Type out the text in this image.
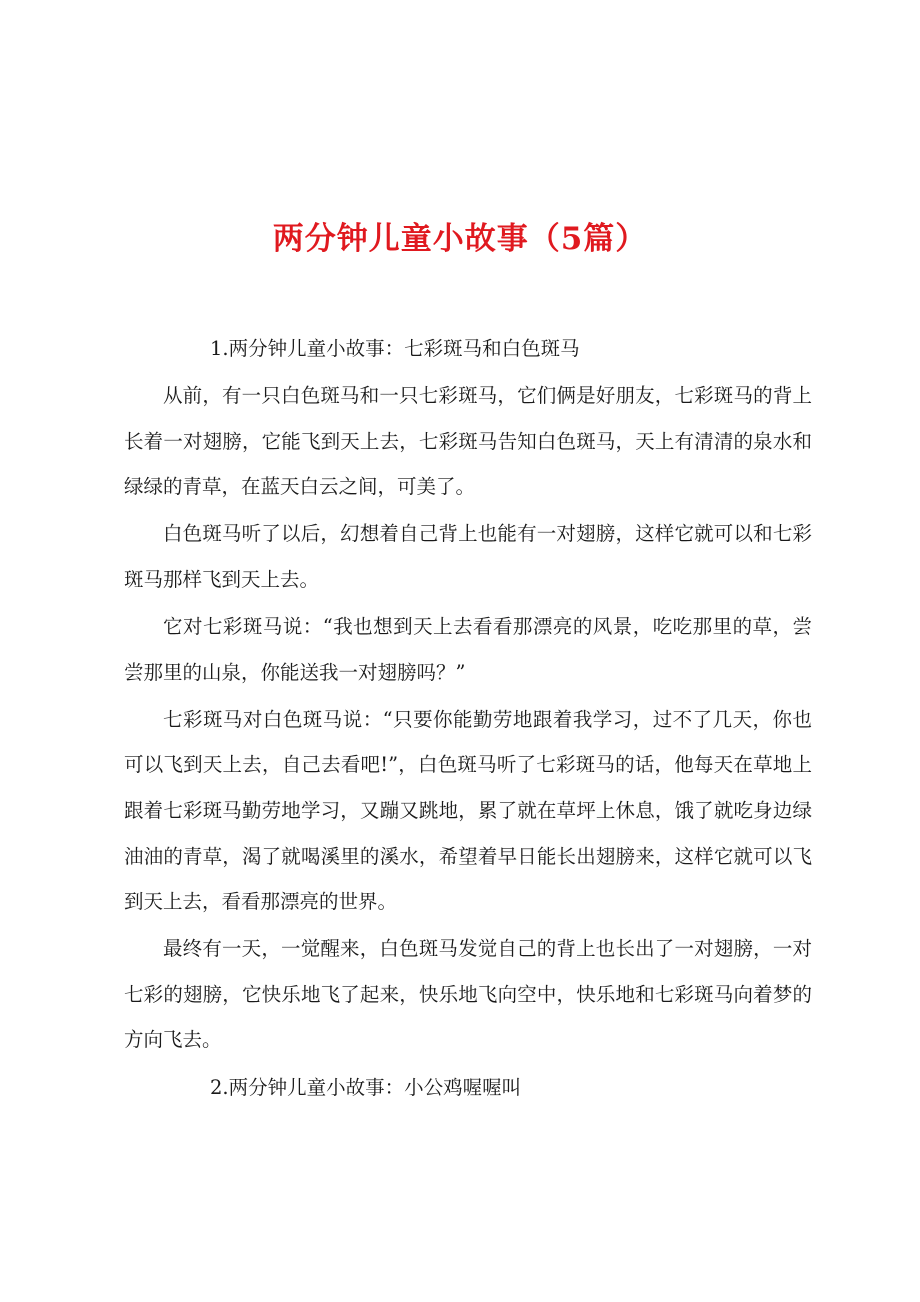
两分钟儿童小故事（5篇）

1.两分钟儿童小故事：七彩斑马和白色斑马

从前，有一只白色斑马和一只七彩斑马，它们俩是好朋友，七彩斑马的背上长着一对翅膀，它能飞到天上去，七彩斑马告知白色斑马，天上有清清的泉水和绿绿的青草，在蓝天白云之间，可美了。

白色斑马听了以后，幻想着自己背上也能有一对翅膀，这样它就可以和七彩斑马那样飞到天上去。

它对七彩斑马说：“我也想到天上去看看那漂亮的风景，吃吃那里的草，尝尝那里的山泉，你能送我一对翅膀吗？”

七彩斑马对白色斑马说：“只要你能勤劳地跟着我学习，过不了几天，你也可以飞到天上去，自己去看吧!”，白色斑马听了七彩斑马的话，他每天在草地上跟着七彩斑马勤劳地学习，又蹦又跳地，累了就在草坪上休息，饿了就吃身边绿油油的青草，渴了就喝溪里的溪水，希望着早日能长出翅膀来，这样它就可以飞到天上去，看看那漂亮的世界。

最终有一天，一觉醒来，白色斑马发觉自己的背上也长出了一对翅膀，一对七彩的翅膀，它快乐地飞了起来，快乐地飞向空中，快乐地和七彩斑马向着梦的方向飞去。

2.两分钟儿童小故事：小公鸡喔喔叫
